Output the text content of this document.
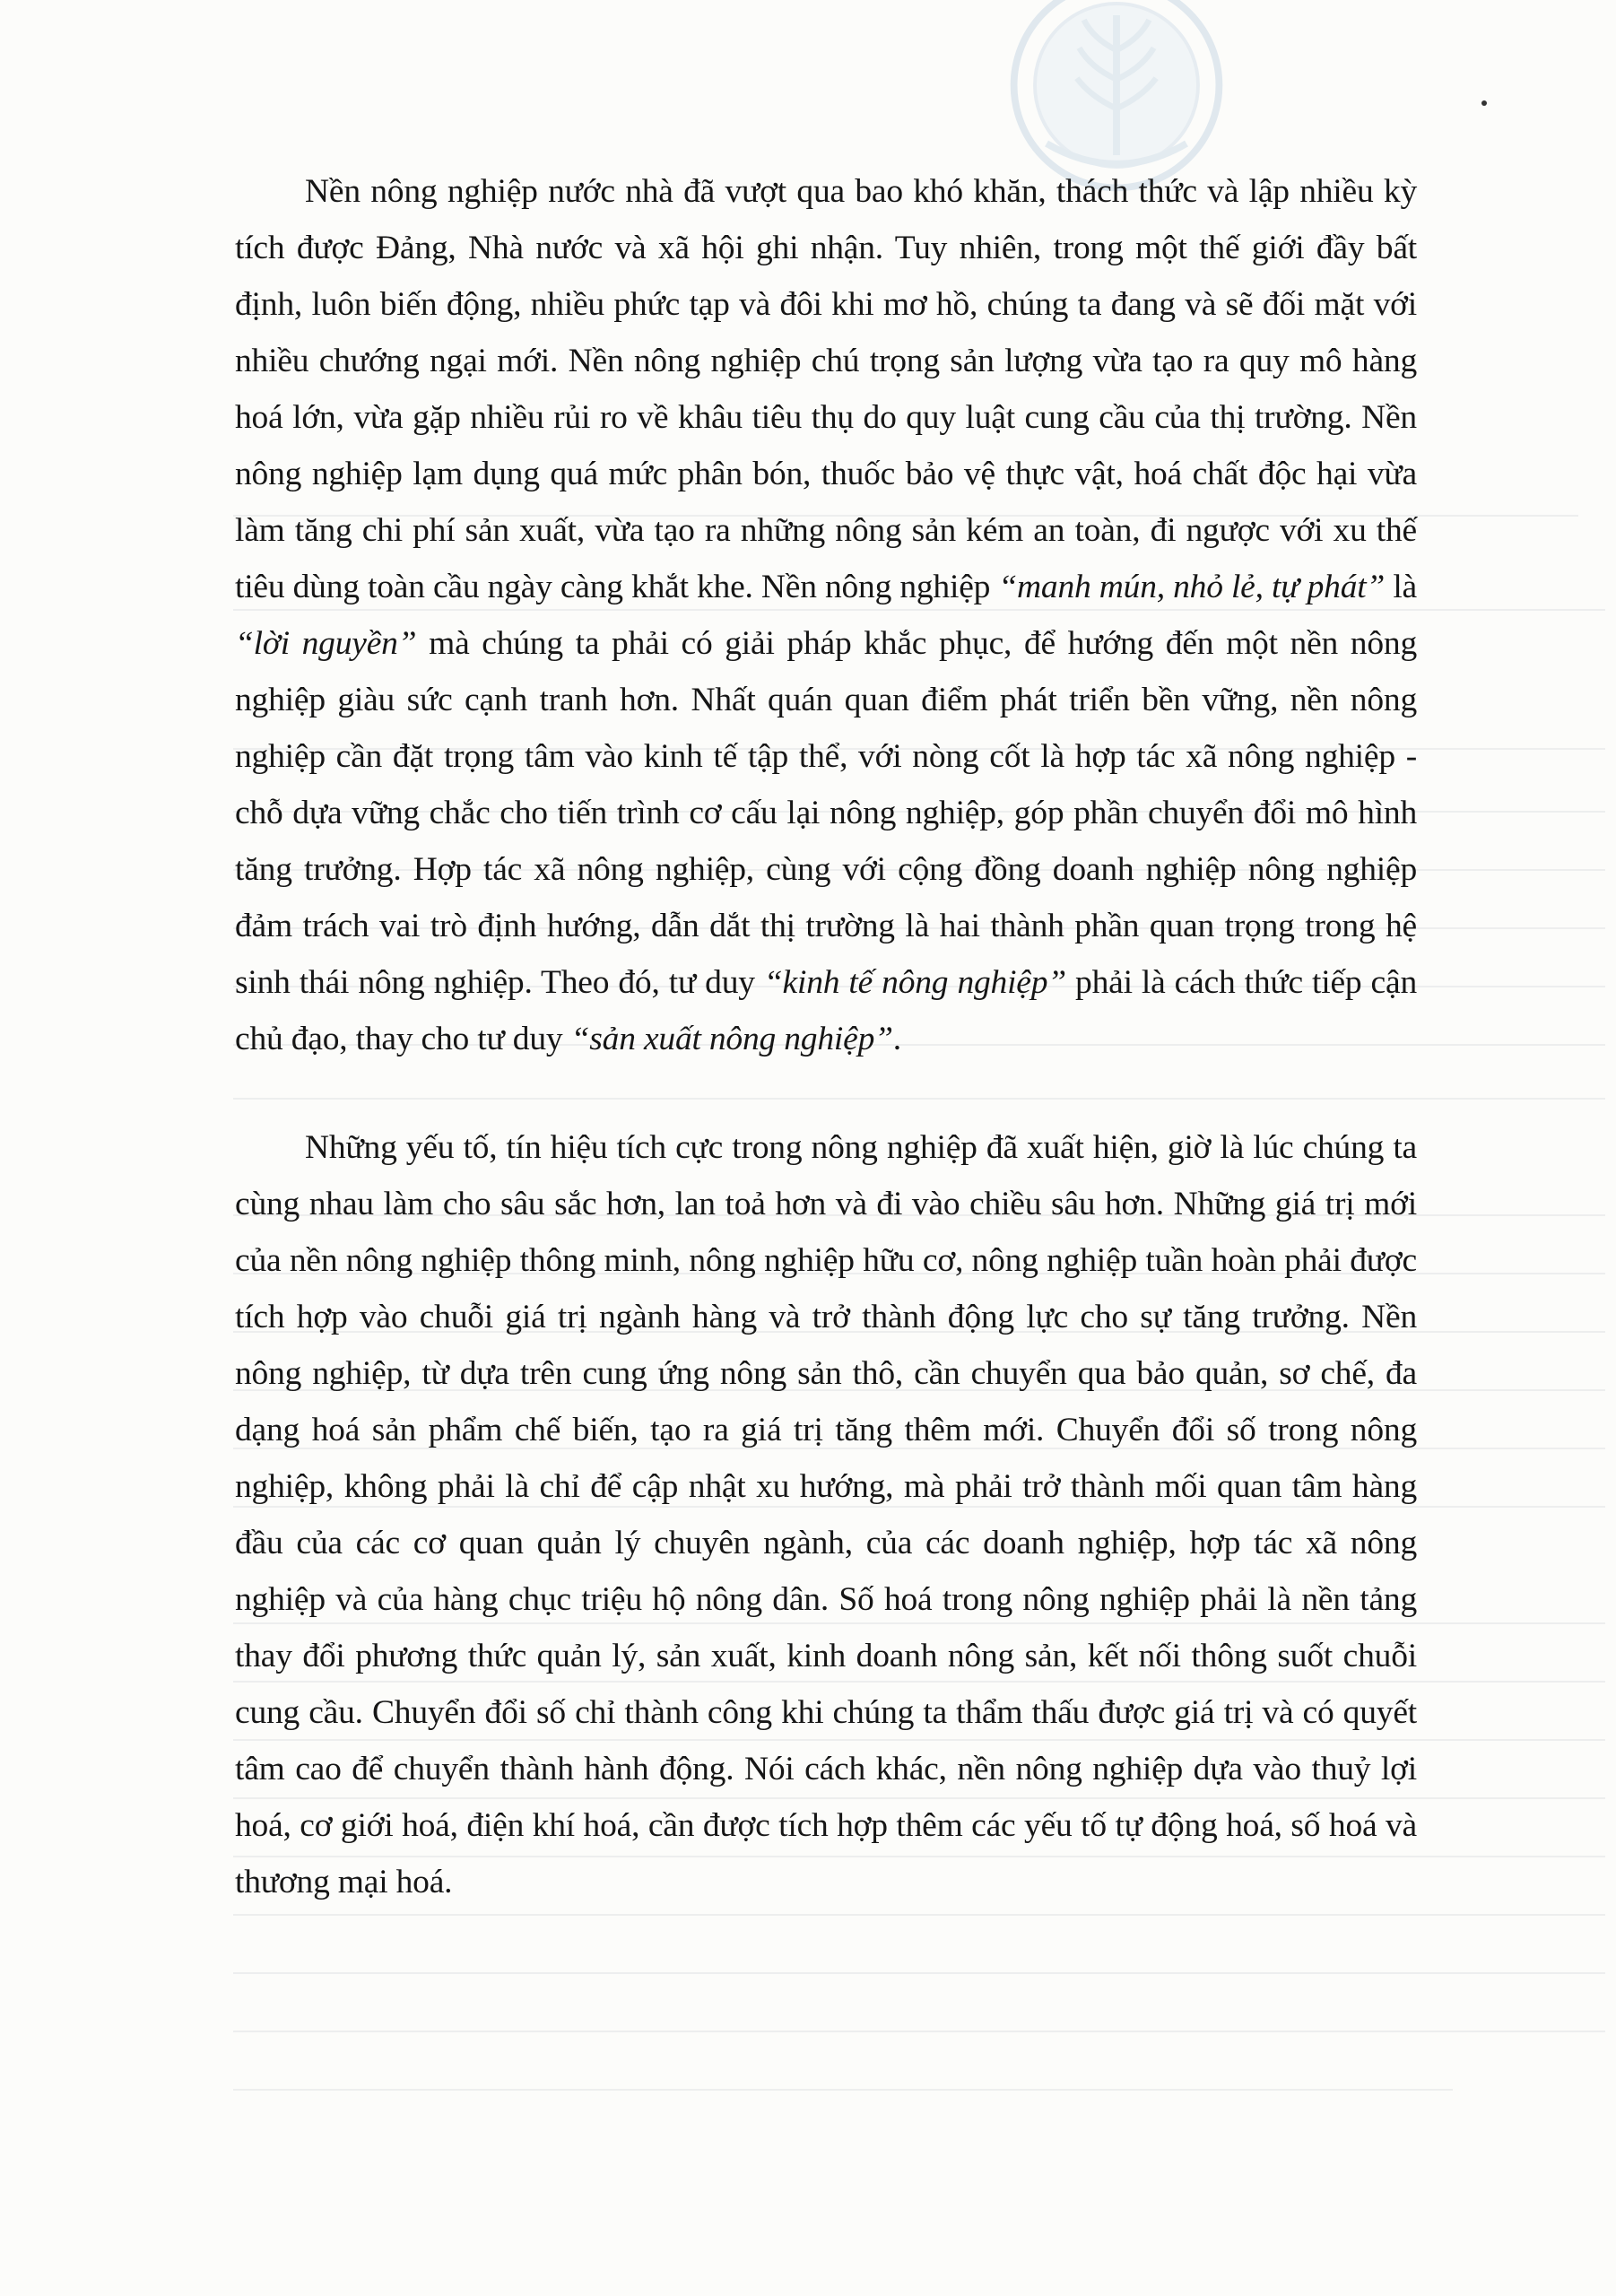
Nền nông nghiệp nước nhà đã vượt qua bao khó khăn, thách thức và lập nhiều kỳ tích được Đảng, Nhà nước và xã hội ghi nhận. Tuy nhiên, trong một thế giới đầy bất định, luôn biến động, nhiều phức tạp và đôi khi mơ hồ, chúng ta đang và sẽ đối mặt với nhiều chướng ngại mới. Nền nông nghiệp chú trọng sản lượng vừa tạo ra quy mô hàng hoá lớn, vừa gặp nhiều rủi ro về khâu tiêu thụ do quy luật cung cầu của thị trường. Nền nông nghiệp lạm dụng quá mức phân bón, thuốc bảo vệ thực vật, hoá chất độc hại vừa làm tăng chi phí sản xuất, vừa tạo ra những nông sản kém an toàn, đi ngược với xu thế tiêu dùng toàn cầu ngày càng khắt khe. Nền nông nghiệp “manh mún, nhỏ lẻ, tự phát” là “lời nguyền” mà chúng ta phải có giải pháp khắc phục, để hướng đến một nền nông nghiệp giàu sức cạnh tranh hơn. Nhất quán quan điểm phát triển bền vững, nền nông nghiệp cần đặt trọng tâm vào kinh tế tập thể, với nòng cốt là hợp tác xã nông nghiệp - chỗ dựa vững chắc cho tiến trình cơ cấu lại nông nghiệp, góp phần chuyển đổi mô hình tăng trưởng. Hợp tác xã nông nghiệp, cùng với cộng đồng doanh nghiệp nông nghiệp đảm trách vai trò định hướng, dẫn dắt thị trường là hai thành phần quan trọng trong hệ sinh thái nông nghiệp. Theo đó, tư duy “kinh tế nông nghiệp” phải là cách thức tiếp cận chủ đạo, thay cho tư duy “sản xuất nông nghiệp”.

Những yếu tố, tín hiệu tích cực trong nông nghiệp đã xuất hiện, giờ là lúc chúng ta cùng nhau làm cho sâu sắc hơn, lan toả hơn và đi vào chiều sâu hơn. Những giá trị mới của nền nông nghiệp thông minh, nông nghiệp hữu cơ, nông nghiệp tuần hoàn phải được tích hợp vào chuỗi giá trị ngành hàng và trở thành động lực cho sự tăng trưởng. Nền nông nghiệp, từ dựa trên cung ứng nông sản thô, cần chuyển qua bảo quản, sơ chế, đa dạng hoá sản phẩm chế biến, tạo ra giá trị tăng thêm mới. Chuyển đổi số trong nông nghiệp, không phải là chỉ để cập nhật xu hướng, mà phải trở thành mối quan tâm hàng đầu của các cơ quan quản lý chuyên ngành, của các doanh nghiệp, hợp tác xã nông nghiệp và của hàng chục triệu hộ nông dân. Số hoá trong nông nghiệp phải là nền tảng thay đổi phương thức quản lý, sản xuất, kinh doanh nông sản, kết nối thông suốt chuỗi cung cầu. Chuyển đổi số chỉ thành công khi chúng ta thẩm thấu được giá trị và có quyết tâm cao để chuyển thành hành động. Nói cách khác, nền nông nghiệp dựa vào thuỷ lợi hoá, cơ giới hoá, điện khí hoá, cần được tích hợp thêm các yếu tố tự động hoá, số hoá và thương mại hoá.
